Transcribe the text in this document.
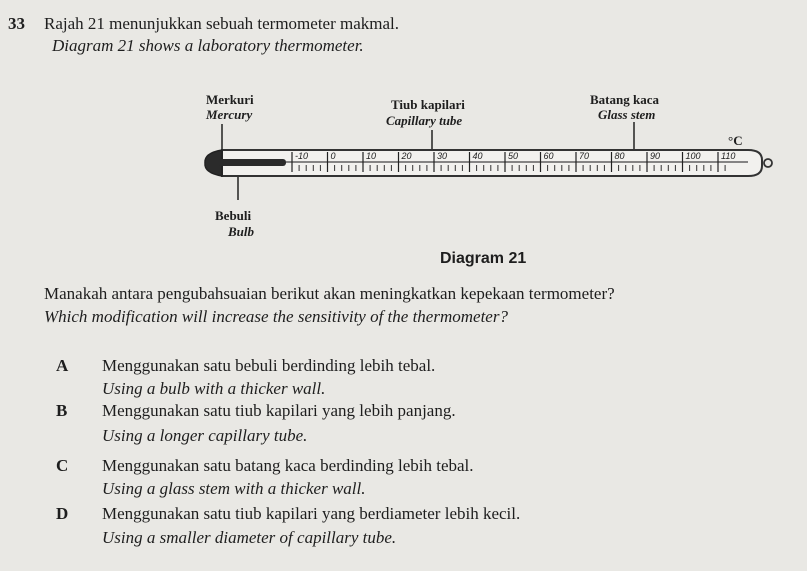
33 Rajah 21 menunjukkan sebuah termometer makmal.
Diagram 21 shows a laboratory thermometer.
Merkuri
Mercury
Tiub kapilari
Capillary tube
Batang kaca
Glass stem
°C
Bebuli
Bulb
-10 0	10	20	30	40	50	60	70	80	90	100 110
Diagram 21
Manakah antara pengubahsuaian berikut akan meningkatkan kepekaan termometer?
Which modification will increase the sensitivity of the thermometer?
A Menggunakan satu bebuli berdinding lebih tebal.
Using a bulb with a thicker wall.
B Menggunakan satu tiub kapilari yang lebih panjang.
Using a longer capillary tube.
C Menggunakan satu batang kaca berdinding lebih tebal.
Using a glass stem with a thicker wall.
D Menggunakan satu tiub kapilari yang berdiameter lebih kecil.
Using a smaller diameter of capillary tube.
